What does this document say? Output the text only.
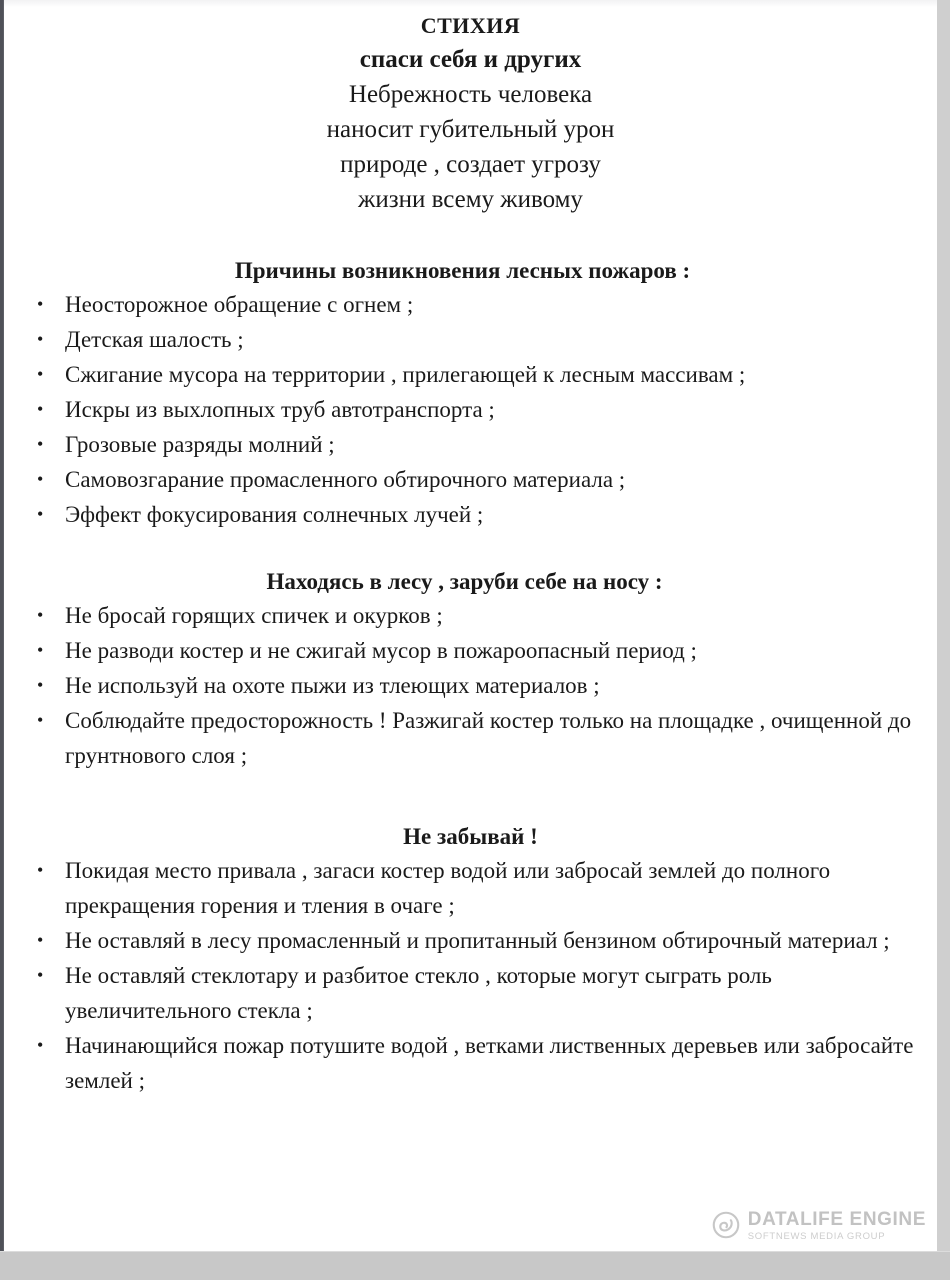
СТИХИЯ
спаси себя и других
Небрежность человека
наносит губительный урон
природе , создает угрозу
жизни всему живому
Причины возникновения лесных пожаров :
• Неосторожное обращение с огнем ;
• Детская шалость ;
• Сжигание мусора на территории , прилегающей к лесным массивам ;
• Искры из выхлопных труб автотранспорта ;
• Грозовые разряды молний ;
• Самовозгарание промасленного обтирочного материала ;
• Эффект фокусирования солнечных лучей ;
Находясь в лесу , заруби себе на носу :
• Не бросай горящих спичек и окурков ;
• Не разводи костер и не сжигай мусор в пожароопасный период ;
• Не используй на охоте пыжи из тлеющих материалов ;
• Соблюдайте предосторожность ! Разжигай костер только на площадке , очищенной до грунтнового слоя ;
Не забывай !
• Покидая место привала , загаси костер водой или забросай землей до полного прекращения горения и тления в очаге ;
• Не оставляй в лесу промасленный и пропитанный бензином обтирочный материал ;
• Не оставляй стеклотару и разбитое стекло , которые могут сыграть роль увеличительного стекла ;
• Начинающийся пожар потушите водой , ветками лиственных деревьев или забросайте землей ;
DATALIFE ENGINE
SOFTNEWS MEDIA GROUP
